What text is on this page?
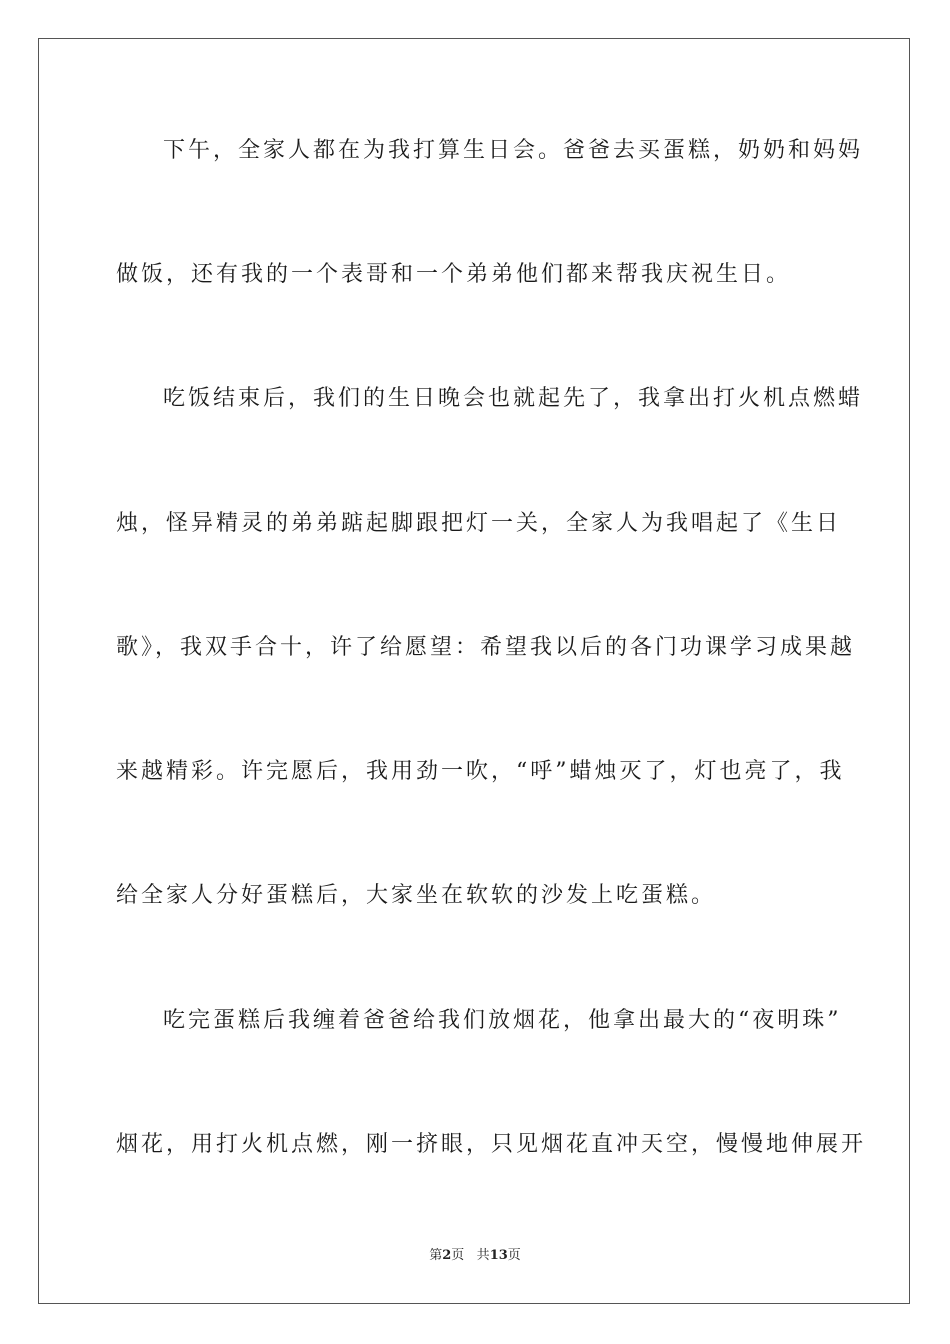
下午，全家人都在为我打算生日会。爸爸去买蛋糕，奶奶和妈妈
做饭，还有我的一个表哥和一个弟弟他们都来帮我庆祝生日。
吃饭结束后，我们的生日晚会也就起先了，我拿出打火机点燃蜡
烛，怪异精灵的弟弟踮起脚跟把灯一关，全家人为我唱起了《生日
歌》，我双手合十，许了给愿望：希望我以后的各门功课学习成果越
来越精彩。许完愿后，我用劲一吹，“呼”蜡烛灭了，灯也亮了，我
给全家人分好蛋糕后，大家坐在软软的沙发上吃蛋糕。
吃完蛋糕后我缠着爸爸给我们放烟花，他拿出最大的“夜明珠”
烟花，用打火机点燃，刚一挤眼，只见烟花直冲天空，慢慢地伸展开
第2页 共13页
